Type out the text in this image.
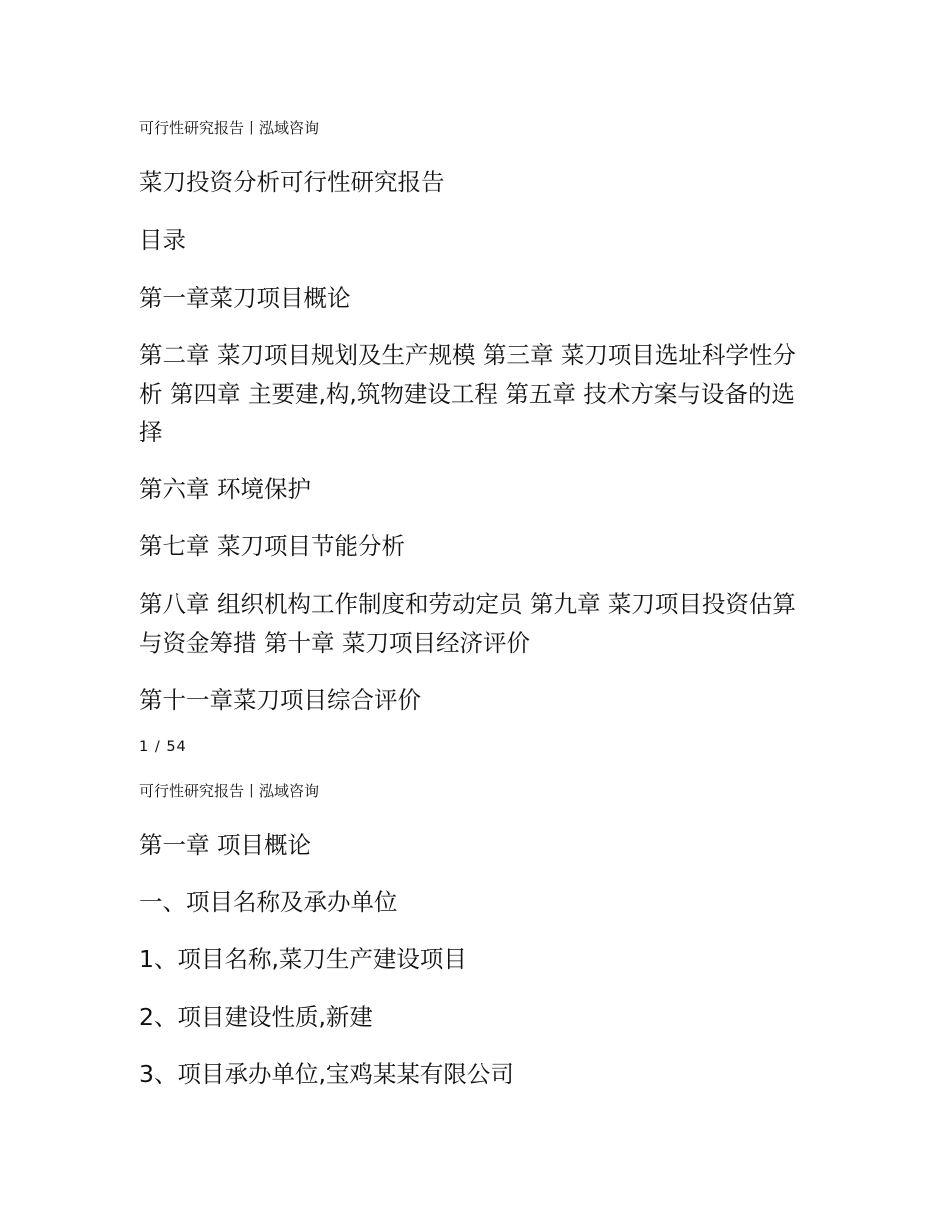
可行性研究报告丨泓域咨询
菜刀投资分析可行性研究报告
目录
第一章菜刀项目概论
第二章 菜刀项目规划及生产规模 第三章 菜刀项目选址科学性分析 第四章 主要建,构,筑物建设工程 第五章 技术方案与设备的选择
第六章 环境保护
第七章 菜刀项目节能分析
第八章 组织机构工作制度和劳动定员 第九章 菜刀项目投资估算与资金筹措 第十章 菜刀项目经济评价
第十一章菜刀项目综合评价
1 / 54
可行性研究报告丨泓域咨询
第一章 项目概论
一、项目名称及承办单位
1、项目名称,菜刀生产建设项目
2、项目建设性质,新建
3、项目承办单位,宝鸡某某有限公司
